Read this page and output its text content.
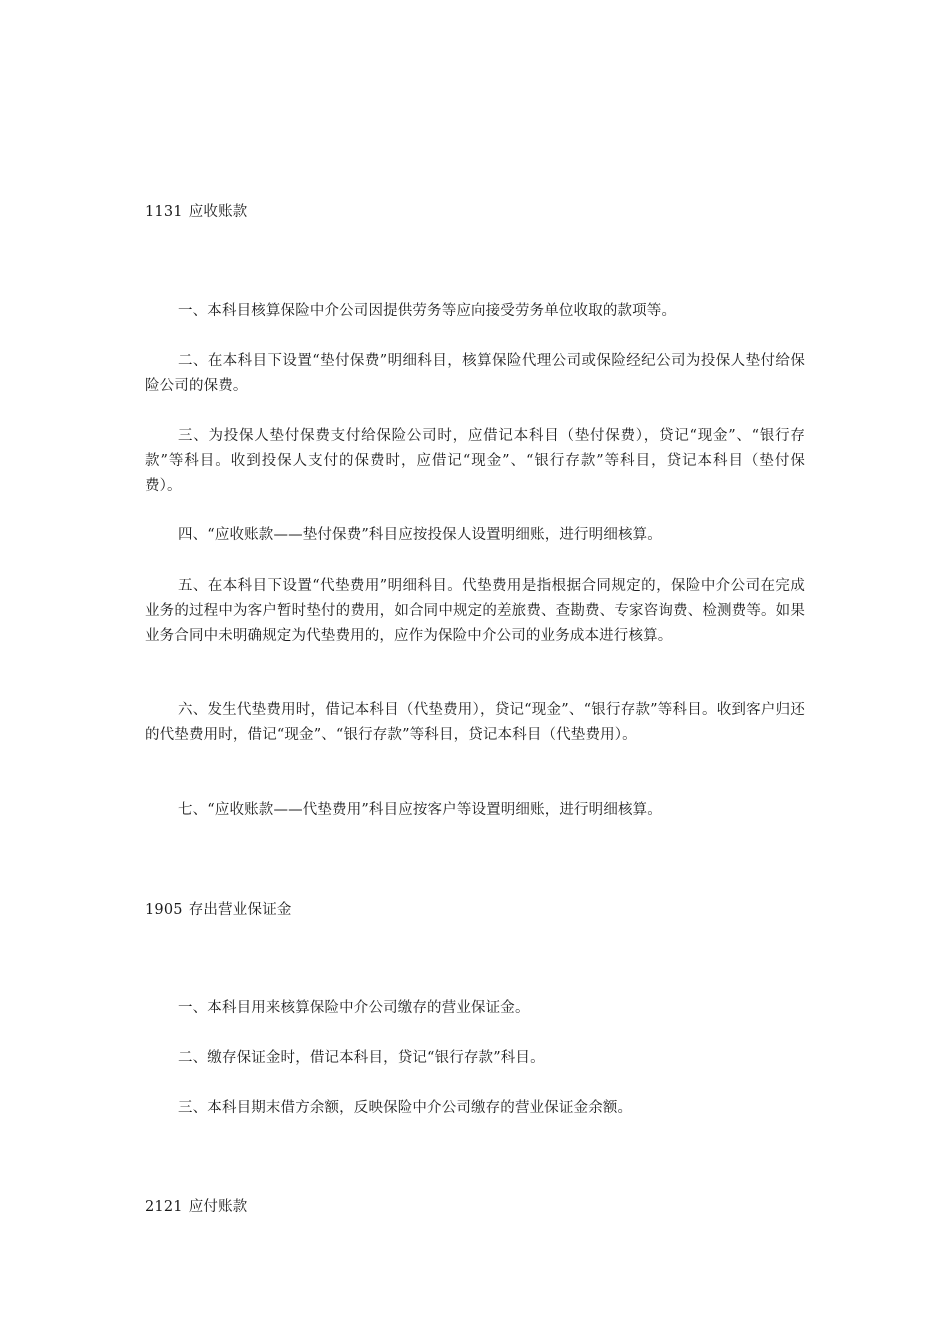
1131 应收账款

一、本科目核算保险中介公司因提供劳务等应向接受劳务单位收取的款项等。

二、在本科目下设置“垫付保费”明细科目，核算保险代理公司或保险经纪公司为投保人垫付给保险公司的保费。

三、为投保人垫付保费支付给保险公司时，应借记本科目（垫付保费），贷记“现金”、“银行存款”等科目。收到投保人支付的保费时，应借记“现金”、“银行存款”等科目，贷记本科目（垫付保费）。

四、“应收账款——垫付保费”科目应按投保人设置明细账，进行明细核算。

五、在本科目下设置“代垫费用”明细科目。代垫费用是指根据合同规定的，保险中介公司在完成业务的过程中为客户暂时垫付的费用，如合同中规定的差旅费、查勘费、专家咨询费、检测费等。如果业务合同中未明确规定为代垫费用的，应作为保险中介公司的业务成本进行核算。

六、发生代垫费用时，借记本科目（代垫费用），贷记“现金”、“银行存款”等科目。收到客户归还的代垫费用时，借记“现金”、“银行存款”等科目，贷记本科目（代垫费用）。

七、“应收账款——代垫费用”科目应按客户等设置明细账，进行明细核算。

1905 存出营业保证金

一、本科目用来核算保险中介公司缴存的营业保证金。

二、缴存保证金时，借记本科目，贷记“银行存款”科目。

三、本科目期末借方余额，反映保险中介公司缴存的营业保证金余额。

2121 应付账款
